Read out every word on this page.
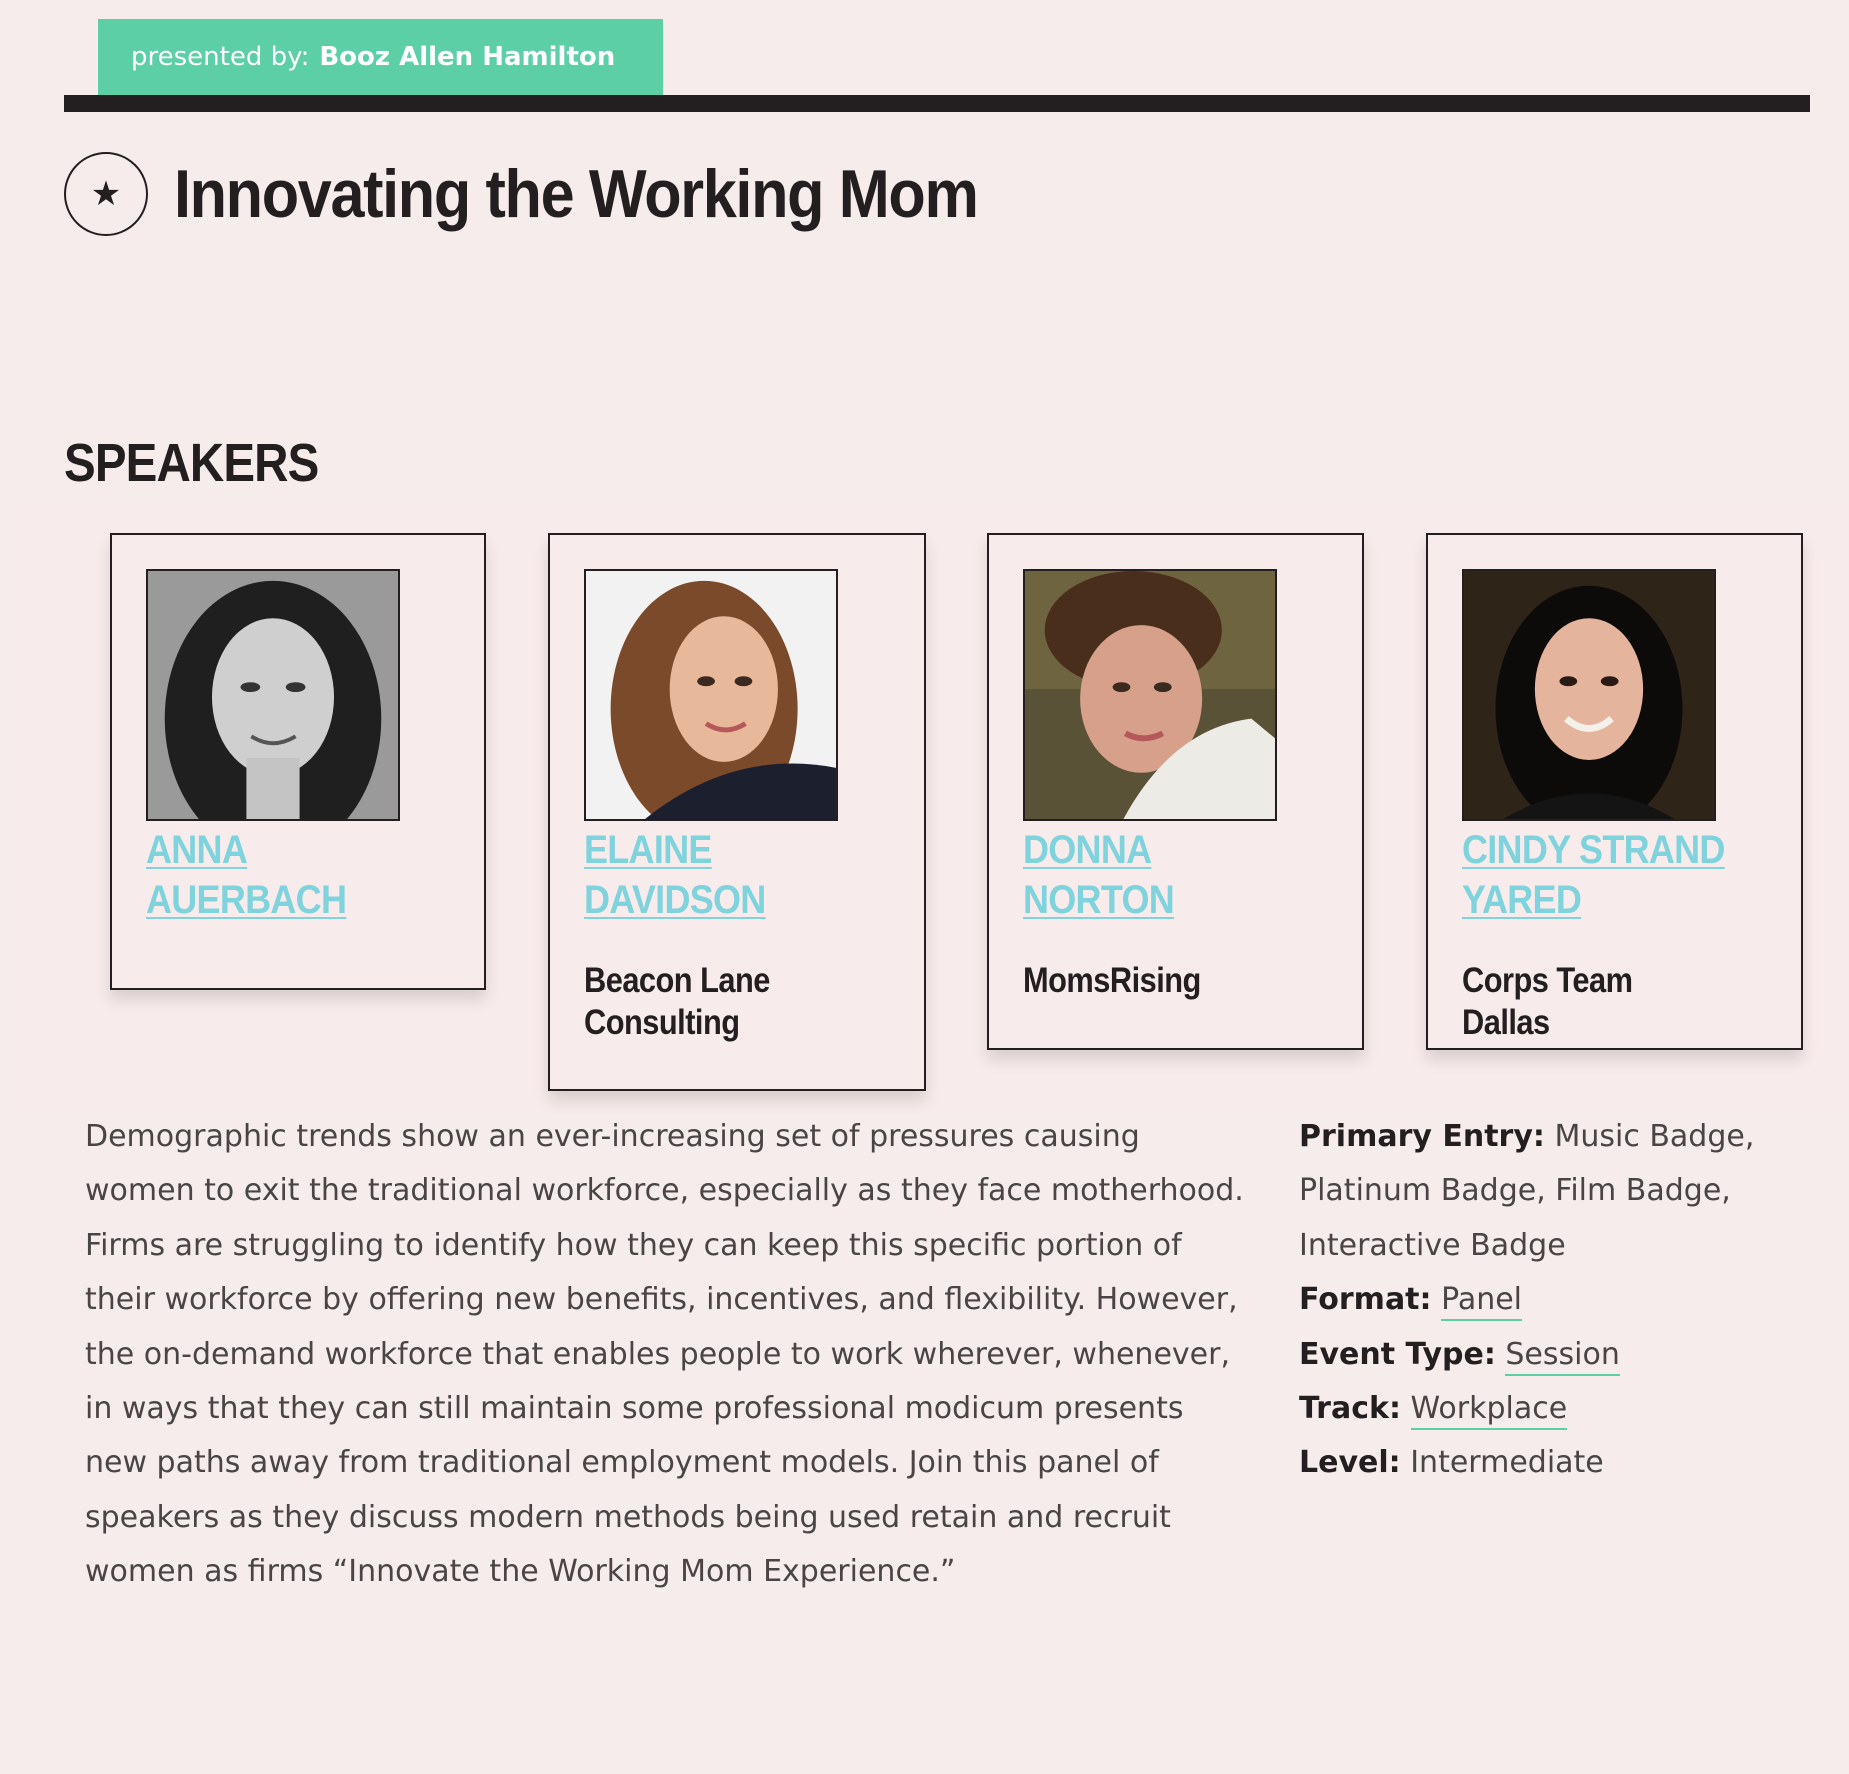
presented by: Booz Allen Hamilton
★ Innovating the Working Mom
SPEAKERS
ANNA
AUERBACH
ELAINE
DAVIDSON
Beacon Lane Consulting
DONNA
NORTON
MomsRising
CINDY STRAND
YARED
Corps Team Dallas

Demographic trends show an ever-increasing set of pressures causing women to exit the traditional workforce, especially as they face motherhood. Firms are struggling to identify how they can keep this specific portion of their workforce by offering new benefits, incentives, and flexibility. However, the on-demand workforce that enables people to work wherever, whenever, in ways that they can still maintain some professional modicum presents new paths away from traditional employment models. Join this panel of speakers as they discuss modern methods being used retain and recruit women as firms “Innovate the Working Mom Experience.”

Primary Entry: Music Badge, Platinum Badge, Film Badge, Interactive Badge
Format: Panel
Event Type: Session
Track: Workplace
Level: Intermediate
